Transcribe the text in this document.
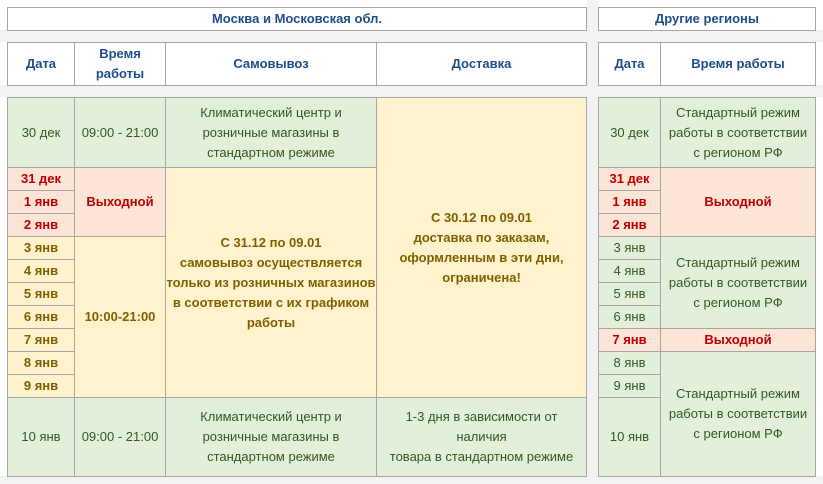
Москва и Московская обл.
Дата
Время
работы
Самовывоз	Доставка
30 дек
31 дек
1 янв
2 янв
3 янв
4 янв
5 янв
6 янв
7 янв
8 янв
9 янв
10 янв
09:00 - 21:00
Выходной
10:00-21:00
09:00 - 21:00
Климатический центр и
розничные магазины в
стандартном режиме
С 31.12 по 09.01
самовывоз осуществляется
только из розничных магазинов
в соответствии с их графиком
работы
Климатический центр и
розничные магазины в
стандартном режиме
С 30.12 по 09.01
доставка по заказам,
оформленным в эти дни,
ограничена!
1-3 дня в зависимости от
наличия
товара в стандартном режиме
Другие регионы
Дата	Время работы
30 дек
31 дек
1 янв
2 янв
3 янв
4 янв
5 янв
6 янв
7 янв
8 янв
9 янв
10 янв
Стандартный режим
работы в соответствии
с регионом РФ
Выходной
Стандартный режим
работы в соответствии
с регионом РФ
Выходной
Стандартный режим
работы в соответствии
с регионом РФ
